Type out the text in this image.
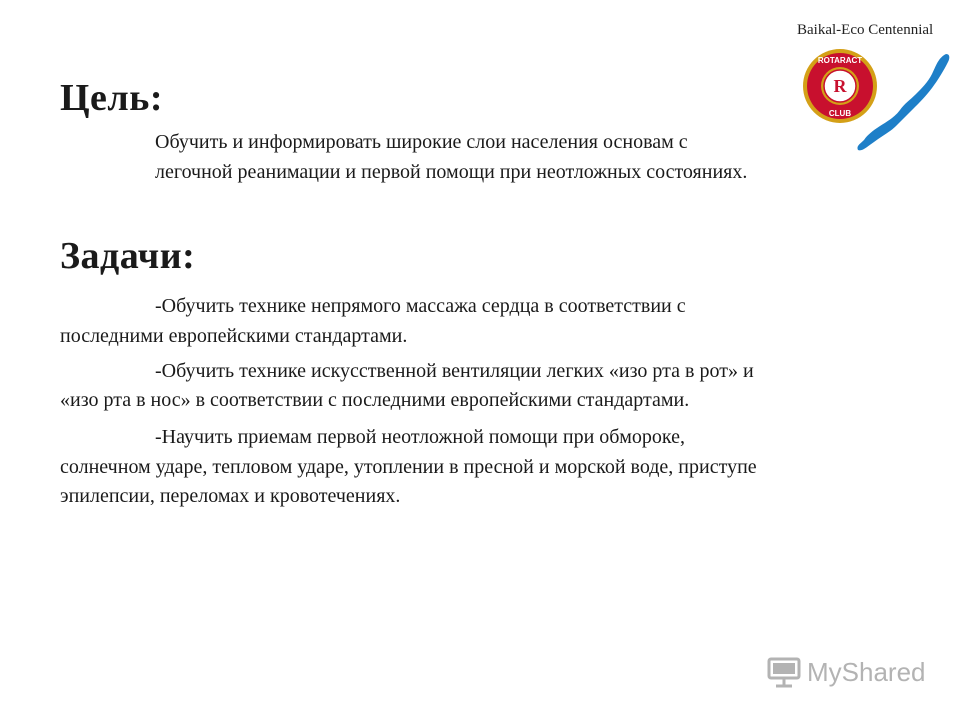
Baikal-Eco Centennial
R
ROTARACT
CLUB
Цель:
Обучить и информировать широкие слои населения основам с
легочной реанимации и первой помощи при неотложных состояниях.
Задачи:
-Обучить технике непрямого массажа сердца в соответствии с
последними европейскими стандартами.
-Обучить технике искусственной вентиляции легких «изо рта в рот» и
«изо рта в нос» в соответствии с последними европейскими стандартами.
-Научить приемам первой неотложной помощи при обмороке,
солнечном ударе, тепловом ударе, утоплении в пресной и морской воде, приступе
эпилепсии, переломах и кровотечениях.
MyShared
